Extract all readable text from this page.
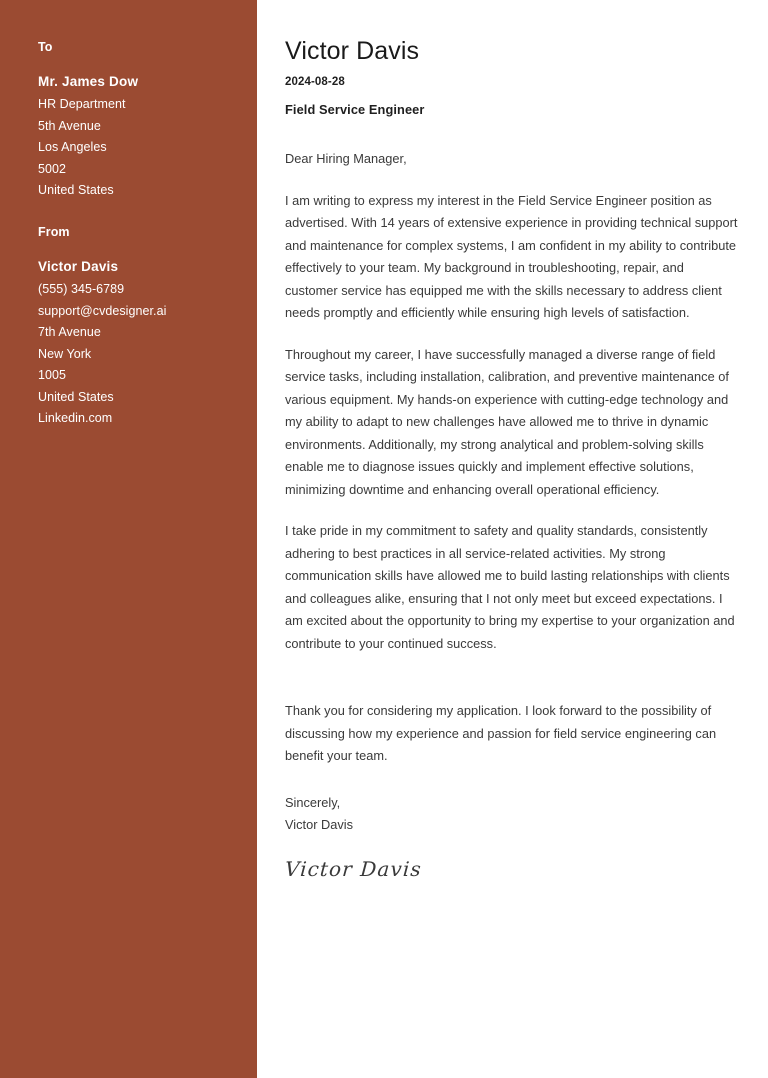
To
Mr. James Dow
HR Department
5th Avenue
Los Angeles
5002
United States
From
Victor Davis
(555) 345-6789
support@cvdesigner.ai
7th Avenue
New York
1005
United States
Linkedin.com
Victor Davis
2024-08-28
Field Service Engineer

Dear Hiring Manager,

I am writing to express my interest in the Field Service Engineer position as advertised. With 14 years of extensive experience in providing technical support and maintenance for complex systems, I am confident in my ability to contribute effectively to your team. My background in troubleshooting, repair, and customer service has equipped me with the skills necessary to address client needs promptly and efficiently while ensuring high levels of satisfaction.

Throughout my career, I have successfully managed a diverse range of field service tasks, including installation, calibration, and preventive maintenance of various equipment. My hands-on experience with cutting-edge technology and my ability to adapt to new challenges have allowed me to thrive in dynamic environments. Additionally, my strong analytical and problem-solving skills enable me to diagnose issues quickly and implement effective solutions, minimizing downtime and enhancing overall operational efficiency.

I take pride in my commitment to safety and quality standards, consistently adhering to best practices in all service-related activities. My strong communication skills have allowed me to build lasting relationships with clients and colleagues alike, ensuring that I not only meet but exceed expectations. I am excited about the opportunity to bring my expertise to your organization and contribute to your continued success.

Thank you for considering my application. I look forward to the possibility of discussing how my experience and passion for field service engineering can benefit your team.

Sincerely,
Victor Davis
Victor Davis
